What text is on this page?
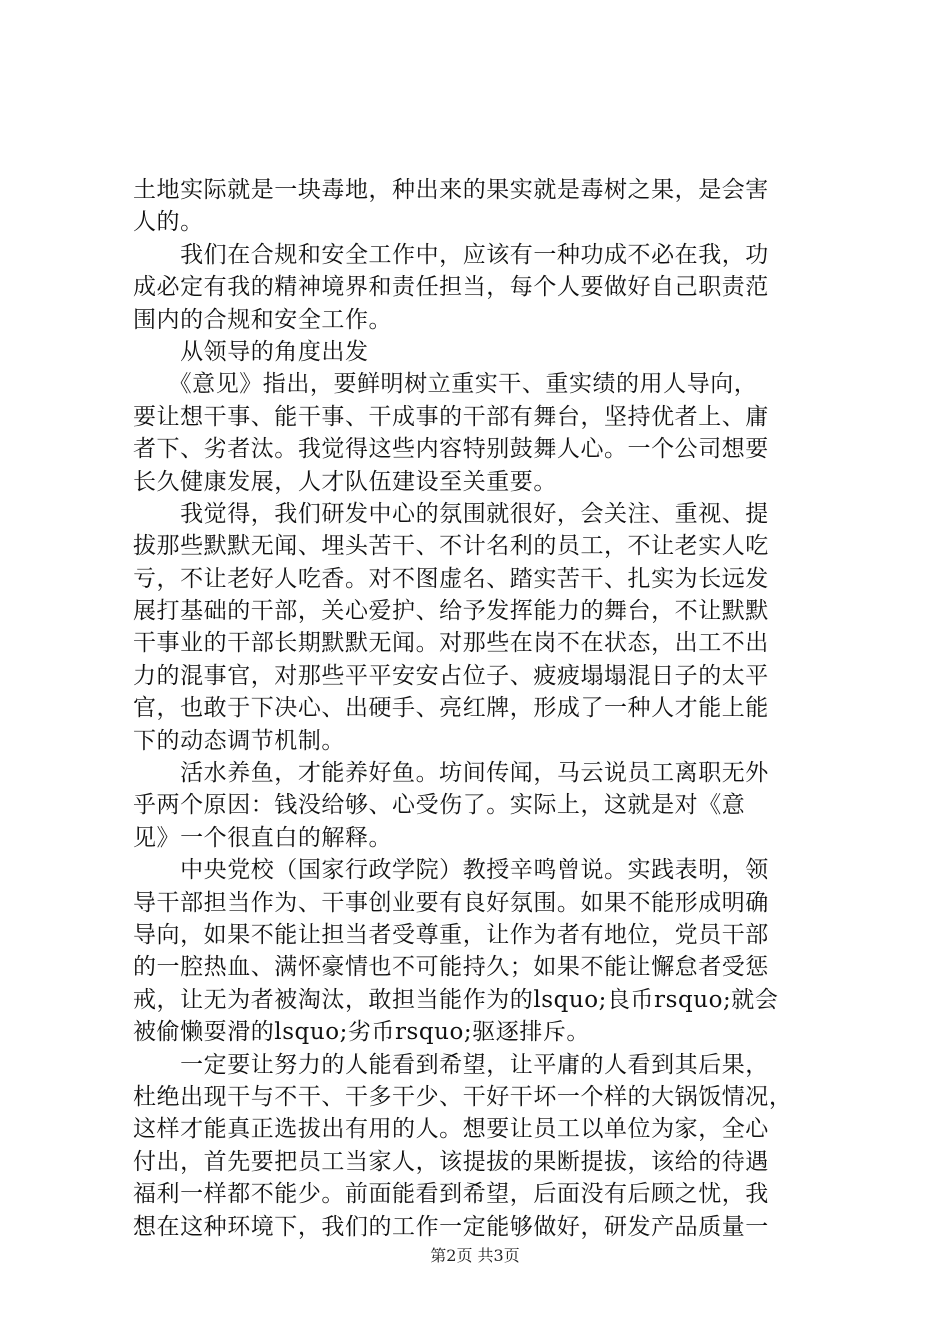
土地实际就是一块毒地，种出来的果实就是毒树之果，是会害
人的。
　　我们在合规和安全工作中，应该有一种功成不必在我，功
成必定有我的精神境界和责任担当，每个人要做好自己职责范
围内的合规和安全工作。
　　从领导的角度出发
　　《意见》指出，要鲜明树立重实干、重实绩的用人导向，
要让想干事、能干事、干成事的干部有舞台，坚持优者上、庸
者下、劣者汰。我觉得这些内容特别鼓舞人心。一个公司想要
长久健康发展，人才队伍建设至关重要。
　　我觉得，我们研发中心的氛围就很好，会关注、重视、提
拔那些默默无闻、埋头苦干、不计名利的员工，不让老实人吃
亏，不让老好人吃香。对不图虚名、踏实苦干、扎实为长远发
展打基础的干部，关心爱护、给予发挥能力的舞台，不让默默
干事业的干部长期默默无闻。对那些在岗不在状态，出工不出
力的混事官，对那些平平安安占位子、疲疲塌塌混日子的太平
官，也敢于下决心、出硬手、亮红牌，形成了一种人才能上能
下的动态调节机制。
　　活水养鱼，才能养好鱼。坊间传闻，马云说员工离职无外
乎两个原因：钱没给够、心受伤了。实际上，这就是对《意
见》一个很直白的解释。
　　中央党校（国家行政学院）教授辛鸣曾说。实践表明，领
导干部担当作为、干事创业要有良好氛围。如果不能形成明确
导向，如果不能让担当者受尊重，让作为者有地位，党员干部
的一腔热血、满怀豪情也不可能持久；如果不能让懈怠者受惩
戒，让无为者被淘汰，敢担当能作为的lsquo;良币rsquo;就会
被偷懒耍滑的lsquo;劣币rsquo;驱逐排斥。
　　一定要让努力的人能看到希望，让平庸的人看到其后果，
杜绝出现干与不干、干多干少、干好干坏一个样的大锅饭情况，
这样才能真正选拔出有用的人。想要让员工以单位为家，全心
付出，首先要把员工当家人，该提拔的果断提拔，该给的待遇
福利一样都不能少。前面能看到希望，后面没有后顾之忧，我
想在这种环境下，我们的工作一定能够做好，研发产品质量一
第2页 共3页
